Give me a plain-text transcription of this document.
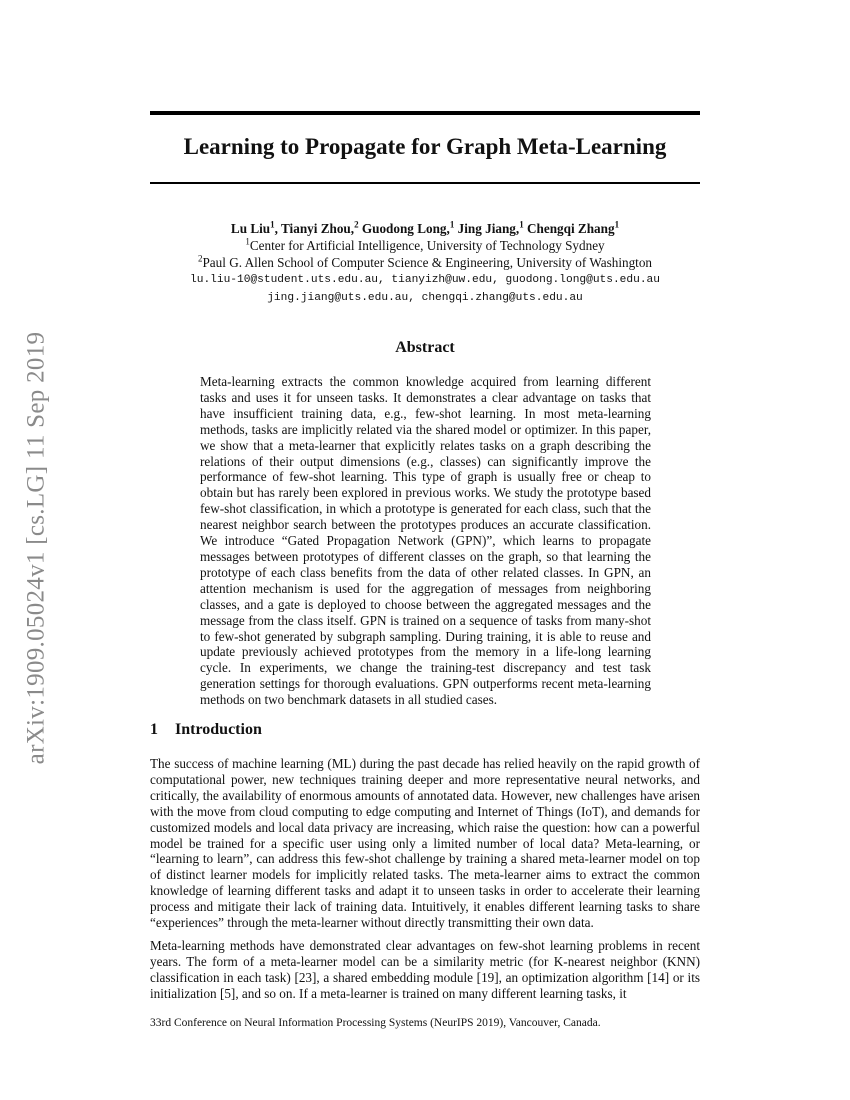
arXiv:1909.05024v1 [cs.LG] 11 Sep 2019
Learning to Propagate for Graph Meta-Learning
Lu Liu$^1$, Tianyi Zhou,$^2$ Guodong Long,$^1$ Jing Jiang,$^1$ Chengqi Zhang$^1$
$^1$Center for Artificial Intelligence, University of Technology Sydney
$^2$Paul G. Allen School of Computer Science & Engineering, University of Washington
lu.liu-10@student.uts.edu.au, tianyizh@uw.edu, guodong.long@uts.edu.au
jing.jiang@uts.edu.au, chengqi.zhang@uts.edu.au
Abstract

Meta-learning extracts the common knowledge acquired from learning different tasks and uses it for unseen tasks. It demonstrates a clear advantage on tasks that have insufficient training data, e.g., few-shot learning. In most meta-learning methods, tasks are implicitly related via the shared model or optimizer. In this paper, we show that a meta-learner that explicitly relates tasks on a graph describing the relations of their output dimensions (e.g., classes) can significantly improve the performance of few-shot learning. This type of graph is usually free or cheap to obtain but has rarely been explored in previous works. We study the prototype based few-shot classification, in which a prototype is generated for each class, such that the nearest neighbor search between the prototypes produces an accurate classification. We introduce “Gated Propagation Network (GPN)”, which learns to propagate messages between prototypes of different classes on the graph, so that learning the prototype of each class benefits from the data of other related classes. In GPN, an attention mechanism is used for the aggregation of messages from neighboring classes, and a gate is deployed to choose between the aggregated messages and the message from the class itself. GPN is trained on a sequence of tasks from many-shot to few-shot generated by subgraph sampling. During training, it is able to reuse and update previously achieved prototypes from the memory in a life-long learning cycle. In experiments, we change the training-test discrepancy and test task generation settings for thorough evaluations. GPN outperforms recent meta-learning methods on two benchmark datasets in all studied cases.

1 Introduction

The success of machine learning (ML) during the past decade has relied heavily on the rapid growth of computational power, new techniques training deeper and more representative neural networks, and critically, the availability of enormous amounts of annotated data. However, new challenges have arisen with the move from cloud computing to edge computing and Internet of Things (IoT), and demands for customized models and local data privacy are increasing, which raise the question: how can a powerful model be trained for a specific user using only a limited number of local data? Meta-learning, or “learning to learn”, can address this few-shot challenge by training a shared meta-learner model on top of distinct learner models for implicitly related tasks. The meta-learner aims to extract the common knowledge of learning different tasks and adapt it to unseen tasks in order to accelerate their learning process and mitigate their lack of training data. Intuitively, it enables different learning tasks to share “experiences” through the meta-learner without directly transmitting their own data.

Meta-learning methods have demonstrated clear advantages on few-shot learning problems in recent years. The form of a meta-learner model can be a similarity metric (for K-nearest neighbor (KNN) classification in each task) [23], a shared embedding module [19], an optimization algorithm [14] or its initialization [5], and so on. If a meta-learner is trained on many different learning tasks, it

33rd Conference on Neural Information Processing Systems (NeurIPS 2019), Vancouver, Canada.
